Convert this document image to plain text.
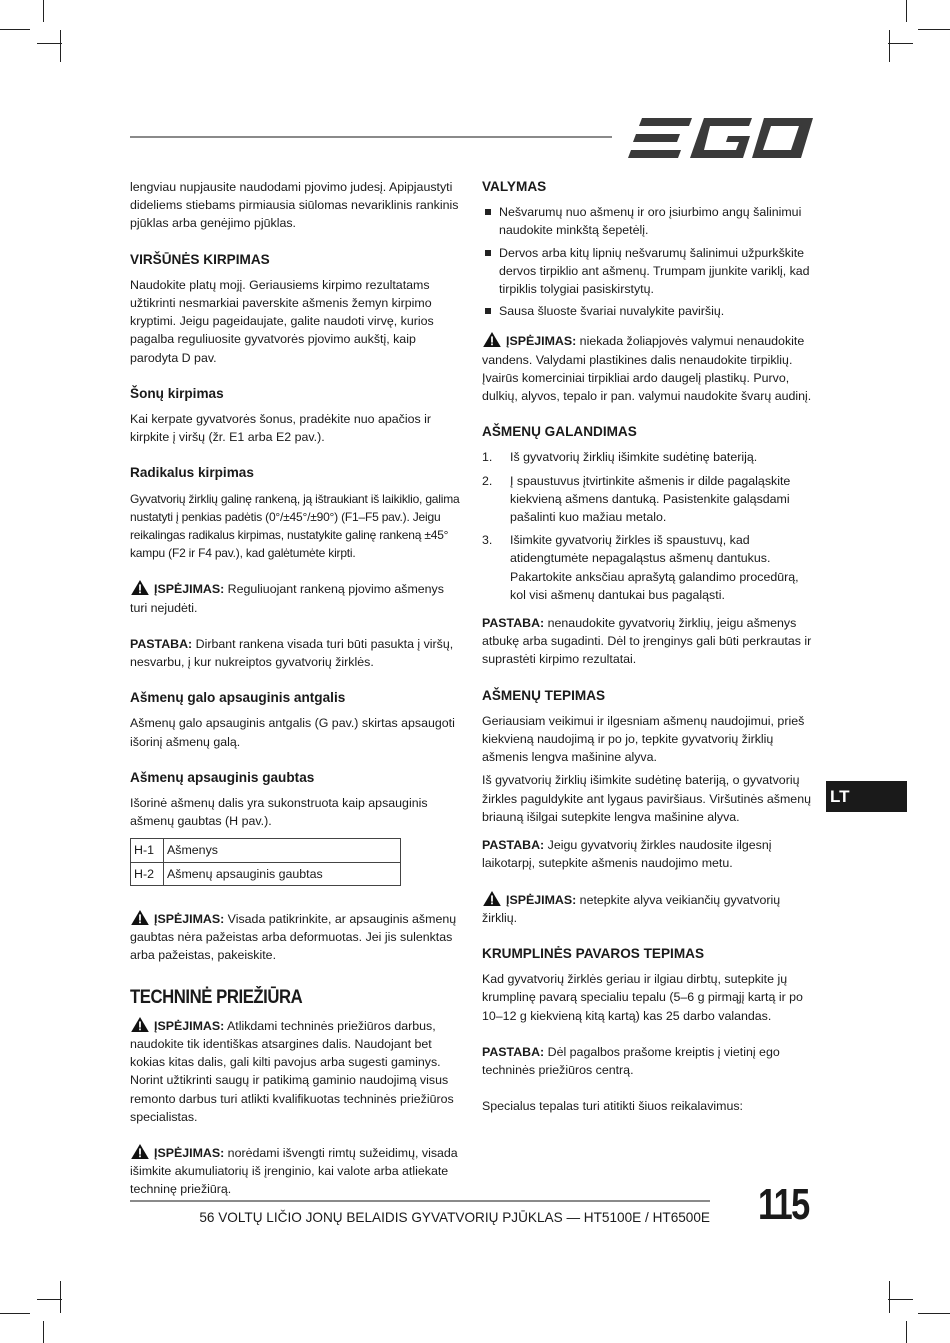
lengviau nupjausite naudodami pjovimo judesį. Apipjaustyti dideliems stiebams pirmiausia siūlomas nevariklinis rankinis pjūklas arba genėjimo pjūklas.

VIRŠŪNĖS KIRPIMAS

Naudokite platų mojį. Geriausiems kirpimo rezultatams užtikrinti nesmarkiai paverskite ašmenis žemyn kirpimo kryptimi. Jeigu pageidaujate, galite naudoti virvę, kurios pagalba reguliuosite gyvatvorės pjovimo aukštį, kaip parodyta D pav.

Šonų kirpimas

Kai kerpate gyvatvorės šonus, pradėkite nuo apačios ir kirpkite į viršų (žr. E1 arba E2 pav.).

Radikalus kirpimas

Gyvatvorių žirklių galinę rankeną, ją ištraukiant iš laikiklio, galima nustatyti į penkias padėtis (0°/±45°/±90°) (F1–F5 pav.). Jeigu reikalingas radikalus kirpimas, nustatykite galinę rankeną ±45° kampu (F2 ir F4 pav.), kad galėtumėte kirpti.

ĮSPĖJIMAS: Reguliuojant rankeną pjovimo ašmenys turi nejudėti.

PASTABA: Dirbant rankena visada turi būti pasukta į viršų, nesvarbu, į kur nukreiptos gyvatvorių žirklės.

Ašmenų galo apsauginis antgalis

Ašmenų galo apsauginis antgalis (G pav.) skirtas apsaugoti išorinį ašmenų galą.

Ašmenų apsauginis gaubtas

Išorinė ašmenų dalis yra sukonstruota kaip apsauginis ašmenų gaubtas (H pav.).

H-1	Ašmenys
H-2	Ašmenų apsauginis gaubtas

ĮSPĖJIMAS: Visada patikrinkite, ar apsauginis ašmenų gaubtas nėra pažeistas arba deformuotas. Jei jis sulenktas arba pažeistas, pakeiskite.

TECHNINĖ PRIEŽIŪRA

ĮSPĖJIMAS: Atlikdami techninės priežiūros darbus, naudokite tik identiškas atsargines dalis. Naudojant bet kokias kitas dalis, gali kilti pavojus arba sugesti gaminys. Norint užtikrinti saugų ir patikimą gaminio naudojimą visus remonto darbus turi atlikti kvalifikuotas techninės priežiūros specialistas.

ĮSPĖJIMAS: norėdami išvengti rimtų sužeidimų, visada išimkite akumuliatorių iš įrenginio, kai valote arba atliekate techninę priežiūrą.

VALYMAS
Nešvarumų nuo ašmenų ir oro įsiurbimo angų šalinimui naudokite minkštą šepetėlį.
Dervos arba kitų lipnių nešvarumų šalinimui užpurkškite dervos tirpiklio ant ašmenų. Trumpam įjunkite variklį, kad tirpiklis tolygiai pasiskirstytų.
Sausa šluoste švariai nuvalykite paviršių.

ĮSPĖJIMAS: niekada žoliapjovės valymui nenaudokite vandens. Valydami plastikines dalis nenaudokite tirpiklių. Įvairūs komerciniai tirpikliai ardo daugelį plastikų. Purvo, dulkių, alyvos, tepalo ir pan. valymui naudokite švarų audinį.

AŠMENŲ GALANDIMAS
1. Iš gyvatvorių žirklių išimkite sudėtinę bateriją.
2. Į spaustuvus įtvirtinkite ašmenis ir dilde pagaląskite kiekvieną ašmens dantuką. Pasistenkite galąsdami pašalinti kuo mažiau metalo.
3. Išimkite gyvatvorių žirkles iš spaustuvų, kad atidengtumėte nepagaląstus ašmenų dantukus. Pakartokite anksčiau aprašytą galandimo procedūrą, kol visi ašmenų dantukai bus pagaląsti.

PASTABA: nenaudokite gyvatvorių žirklių, jeigu ašmenys atbukę arba sugadinti. Dėl to įrenginys gali būti perkrautas ir suprastėti kirpimo rezultatai.

AŠMENŲ TEPIMAS

Geriausiam veikimui ir ilgesniam ašmenų naudojimui, prieš kiekvieną naudojimą ir po jo, tepkite gyvatvorių žirklių ašmenis lengva mašinine alyva.

Iš gyvatvorių žirklių išimkite sudėtinę bateriją, o gyvatvorių žirkles paguldykite ant lygaus paviršiaus. Viršutinės ašmenų briauną išilgai sutepkite lengva mašinine alyva.

PASTABA: Jeigu gyvatvorių žirkles naudosite ilgesnį laikotarpį, sutepkite ašmenis naudojimo metu.

ĮSPĖJIMAS: netepkite alyva veikiančių gyvatvorių žirklių.

KRUMPLINĖS PAVAROS TEPIMAS

Kad gyvatvorių žirklės geriau ir ilgiau dirbtų, sutepkite jų krumplinę pavarą specialiu tepalu (5–6 g pirmąjį kartą ir po 10–12 g kiekvieną kitą kartą) kas 25 darbo valandas.

PASTABA: Dėl pagalbos prašome kreiptis į vietinį ego techninės priežiūros centrą.

Specialus tepalas turi atitikti šiuos reikalavimus:

LT
56 VOLTŲ LIČIO JONŲ BELAIDIS GYVATVORIŲ PJŪKLAS — HT5100E / HT6500E 115
